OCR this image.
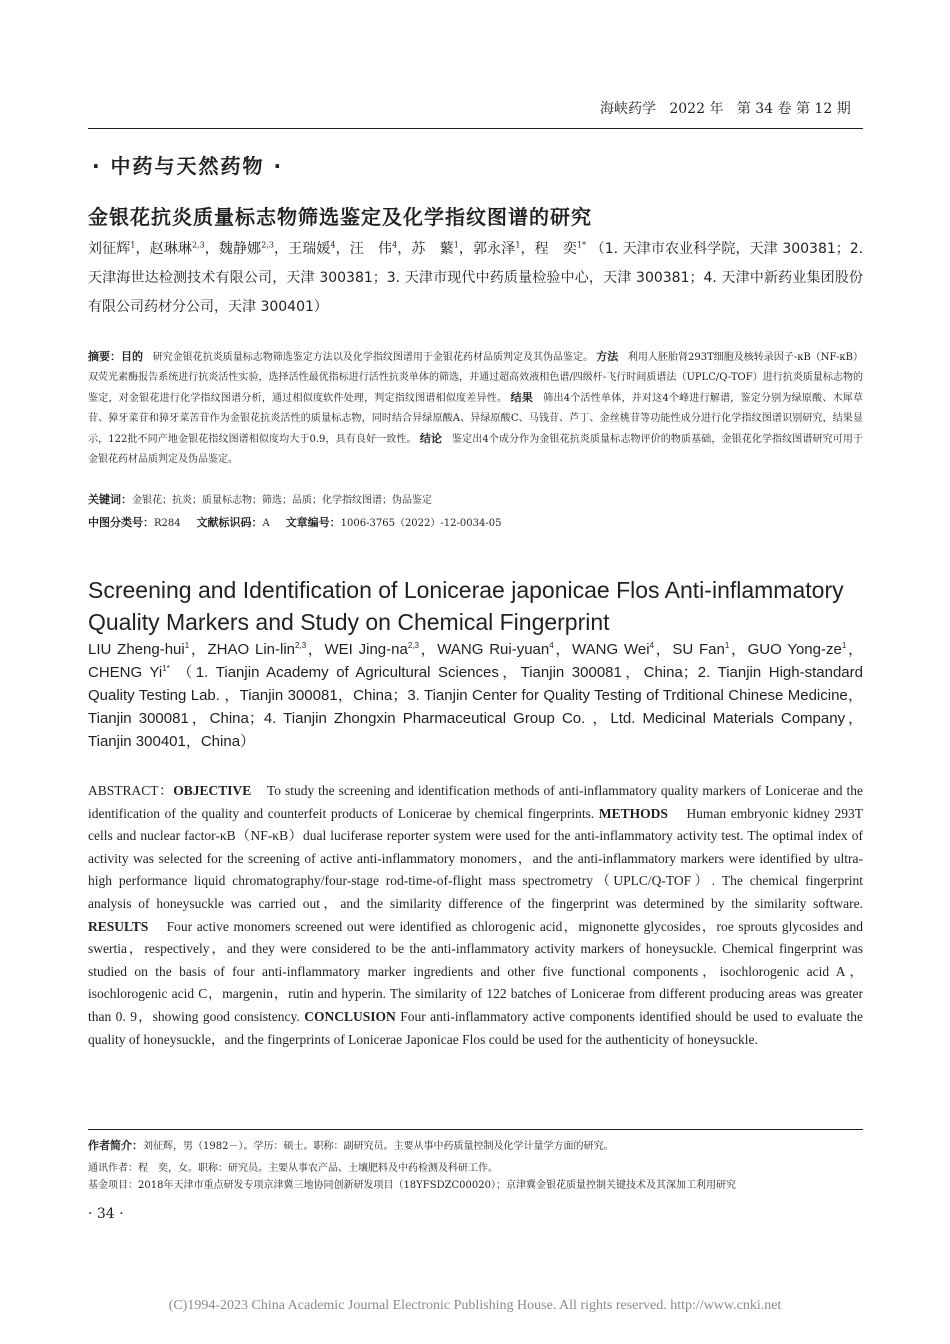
海峡药学 2022 年 第 34 卷 第 12 期
· 中药与天然药物 ·
金银花抗炎质量标志物筛选鉴定及化学指纹图谱的研究
刘征辉$^1$，赵琳琳$^{2,3}$，魏静娜$^{2,3}$，王瑞媛$^4$，汪　伟$^4$，苏　蘩$^1$，郭永泽$^1$，程　奕$^{1*}$ （1. 天津市农业科学院，天津 300381；2. 天津海世达检测技术有限公司，天津 300381；3. 天津市现代中药质量检验中心，天津 300381；4. 天津中新药业集团股份有限公司药材分公司，天津 300401）
摘要：目的 研究金银花抗炎质量标志物筛选鉴定方法以及化学指纹图谱用于金银花药材品质判定及其伪品鉴定。 方法 利用人胚胎肾293T细胞及核转录因子-κB（NF-κB）双荧光素酶报告系统进行抗炎活性实验，选择活性最优指标进行活性抗炎单体的筛选，并通过超高效液相色谱/四级杆-飞行时间质谱法（UPLC/Q-TOF）进行抗炎质量标志物的鉴定，对金银花进行化学指纹图谱分析，通过相似度软件处理，判定指纹图谱相似度差异性。 结果 筛出4个活性单体，并对这4个峰进行解谱，鉴定分别为绿原酸、木犀草苷、獐牙菜苷和獐牙菜苦苷作为金银花抗炎活性的质量标志物，同时结合异绿原酸A、异绿原酸C、马钱苷、芦丁、金丝桃苷等功能性成分进行化学指纹图谱识别研究，结果显示，122批不同产地金银花指纹图谱相似度均大于0.9，具有良好一致性。 结论 鉴定出4个成分作为金银花抗炎质量标志物评价的物质基础，金银花化学指纹图谱研究可用于金银花药材品质判定及伪品鉴定。
关键词：金银花；抗炎；质量标志物；筛选；品质；化学指纹图谱；伪品鉴定
中图分类号：R284 文献标识码：A 文章编号：1006-3765（2022）-12-0034-05
Screening and Identification of Lonicerae japonicae Flos Anti-inflammatory Quality Markers and Study on Chemical Fingerprint
LIU Zheng-hui$^1$，ZHAO Lin-lin$^{2,3}$，WEI Jing-na$^{2,3}$，WANG Rui-yuan$^4$，WANG Wei$^4$，SU Fan$^1$，GUO Yong-$ze^1$，CHENG $Yi^{1*}$ （1. Tianjin Academy of Agricultural Sciences，Tianjin 300081，China；2. Tianjin High-standard Quality Testing Lab. ，Tianjin 300081，China；3. Tianjin Center for Quality Testing of Trditional Chinese Medicine，Tianjin 300081，China；4. Tianjin Zhongxin Pharmaceutical Group Co. ，Ltd. Medicinal Materials Company，Tianjin 300401，China）
ABSTRACT：OBJECTIVE To study the screening and identification methods of anti-inflammatory quality markers of Lonicerae and the identification of the quality and counterfeit products of Lonicerae by chemical fingerprints. METHODS Human embryonic kidney 293T cells and nuclear factor-κB（NF-κB）dual luciferase reporter system were used for the anti-inflammatory activity test. The optimal index of activity was selected for the screening of active anti-inflammatory monomers，and the anti-inflammatory markers were identified by ultra-high performance liquid chromatography/four-stage rod-time-of-flight mass spectrometry（UPLC/Q-TOF）. The chemical fingerprint analysis of honeysuckle was carried out，and the similarity difference of the fingerprint was determined by the similarity software. RESULTS Four active monomers screened out were identified as chlorogenic acid，mignonette glycosides，roe sprouts glycosides and swertia，respectively，and they were considered to be the anti-inflammatory activity markers of honeysuckle. Chemical fingerprint was studied on the basis of four anti-inflammatory marker ingredients and other five functional components，isochlorogenic acid A，isochlorogenic acid C，margenin，rutin and hyperin. The similarity of 122 batches of Lonicerae from different producing areas was greater than 0. 9，showing good consistency. CONCLUSION Four anti-inflammatory active components identified should be used to evaluate the quality of honeysuckle，and the fingerprints of Lonicerae Japonicae Flos could be used for the authenticity of honeysuckle.
作者简介：刘征辉，男（1982－）。学历：硕士。职称：副研究员。主要从事中药质量控制及化学计量学方面的研究。
通讯作者：程　奕，女。职称：研究员。主要从事农产品、土壤肥料及中药检测及科研工作。
基金项目：2018年天津市重点研发专项京津冀三地协同创新研发项目（18YFSDZC00020）；京津冀金银花质量控制关键技术及其深加工利用研究
· 34 ·
(C)1994-2023 China Academic Journal Electronic Publishing House. All rights reserved. http://www.cnki.net
